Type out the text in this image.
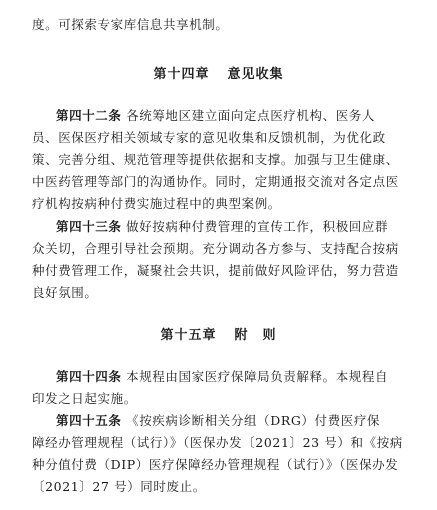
度。可探索专家库信息共享机制。
第十四章 意见收集
第四十二条 各统筹地区建立面向定点医疗机构、医务人
员、医保医疗相关领域专家的意见收集和反馈机制，为优化政
策、完善分组、规范管理等提供依据和支撑。加强与卫生健康、
中医药管理等部门的沟通协作。同时，定期通报交流对各定点医
疗机构按病种付费实施过程中的典型案例。
第四十三条 做好按病种付费管理的宣传工作，积极回应群
众关切，合理引导社会预期。充分调动各方参与、支持配合按病
种付费管理工作，凝聚社会共识，提前做好风险评估，努力营造
良好氛围。
第十五章 附　则
第四十四条 本规程由国家医疗保障局负责解释。本规程自
印发之日起实施。
第四十五条 《按疾病诊断相关分组（DRG）付费医疗保
障经办管理规程（试行）》（医保办发〔2021〕23 号）和《按病
种分值付费（DIP）医疗保障经办管理规程（试行）》（医保办发
〔2021〕27 号）同时废止。
